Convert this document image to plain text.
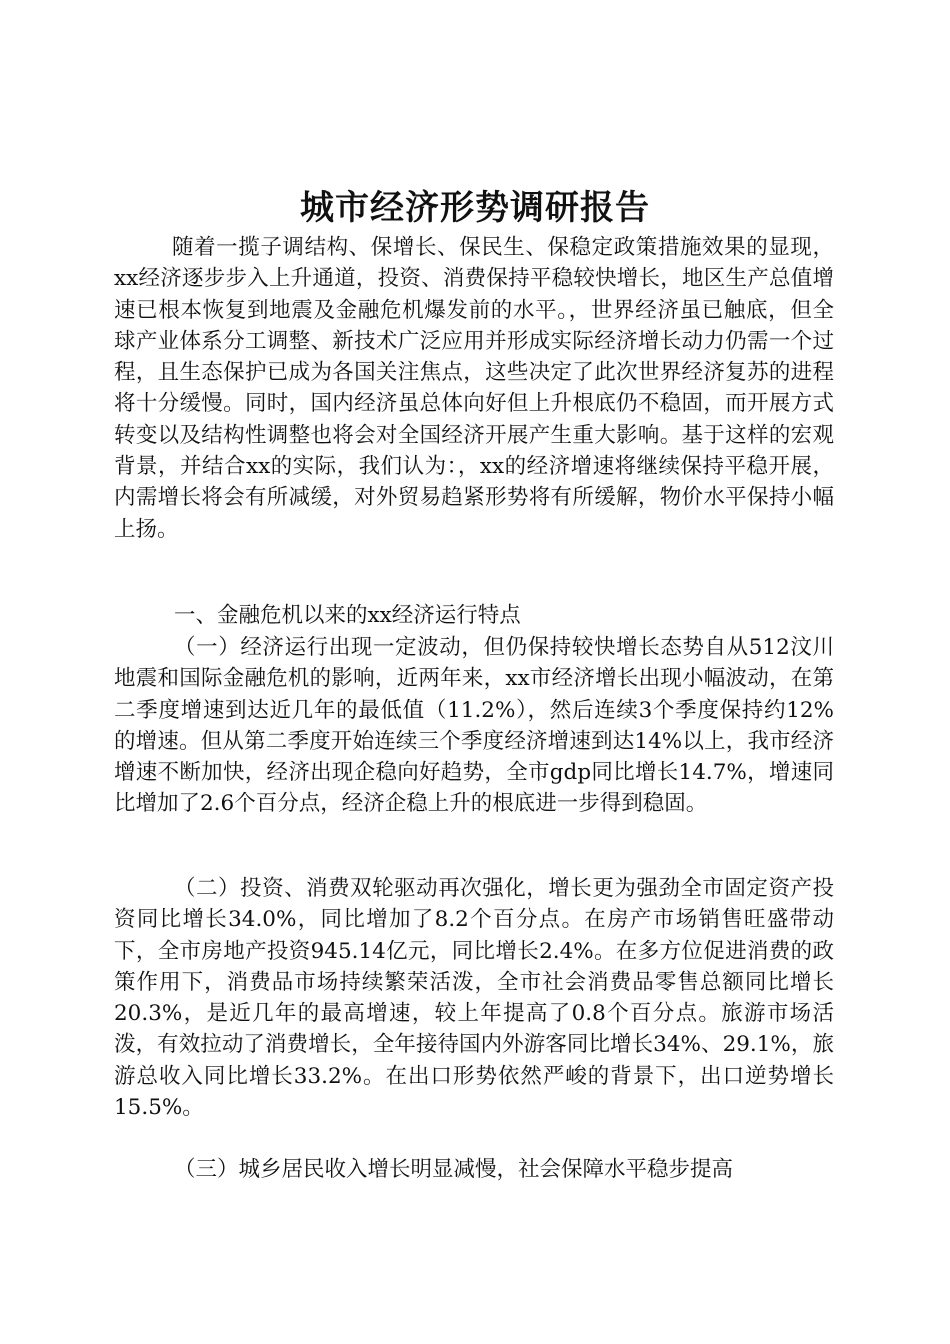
城市经济形势调研报告

随着一揽子调结构、保增长、保民生、保稳定政策措施效果的显现，xx经济逐步步入上升通道，投资、消费保持平稳较快增长，地区生产总值增速已根本恢复到地震及金融危机爆发前的水平。，世界经济虽已触底，但全球产业体系分工调整、新技术广泛应用并形成实际经济增长动力仍需一个过程，且生态保护已成为各国关注焦点，这些决定了此次世界经济复苏的进程将十分缓慢。同时，国内经济虽总体向好但上升根底仍不稳固，而开展方式转变以及结构性调整也将会对全国经济开展产生重大影响。基于这样的宏观背景，并结合xx的实际，我们认为：，xx的经济增速将继续保持平稳开展，内需增长将会有所减缓，对外贸易趋紧形势将有所缓解，物价水平保持小幅上扬。

一、金融危机以来的xx经济运行特点

（一）经济运行出现一定波动，但仍保持较快增长态势自从512汶川地震和国际金融危机的影响，近两年来，xx市经济增长出现小幅波动，在第二季度增速到达近几年的最低值（11.2%），然后连续3个季度保持约12%的增速。但从第二季度开始连续三个季度经济增速到达14%以上，我市经济增速不断加快，经济出现企稳向好趋势，全市gdp同比增长14.7%，增速同比增加了2.6个百分点，经济企稳上升的根底进一步得到稳固。

（二）投资、消费双轮驱动再次强化，增长更为强劲全市固定资产投资同比增长34.0%，同比增加了8.2个百分点。在房产市场销售旺盛带动下，全市房地产投资945.14亿元，同比增长2.4%。在多方位促进消费的政策作用下，消费品市场持续繁荣活泼，全市社会消费品零售总额同比增长20.3%，是近几年的最高增速，较上年提高了0.8个百分点。旅游市场活泼，有效拉动了消费增长，全年接待国内外游客同比增长34%、29.1%，旅游总收入同比增长33.2%。在出口形势依然严峻的背景下，出口逆势增长15.5%。

（三）城乡居民收入增长明显减慢，社会保障水平稳步提高
